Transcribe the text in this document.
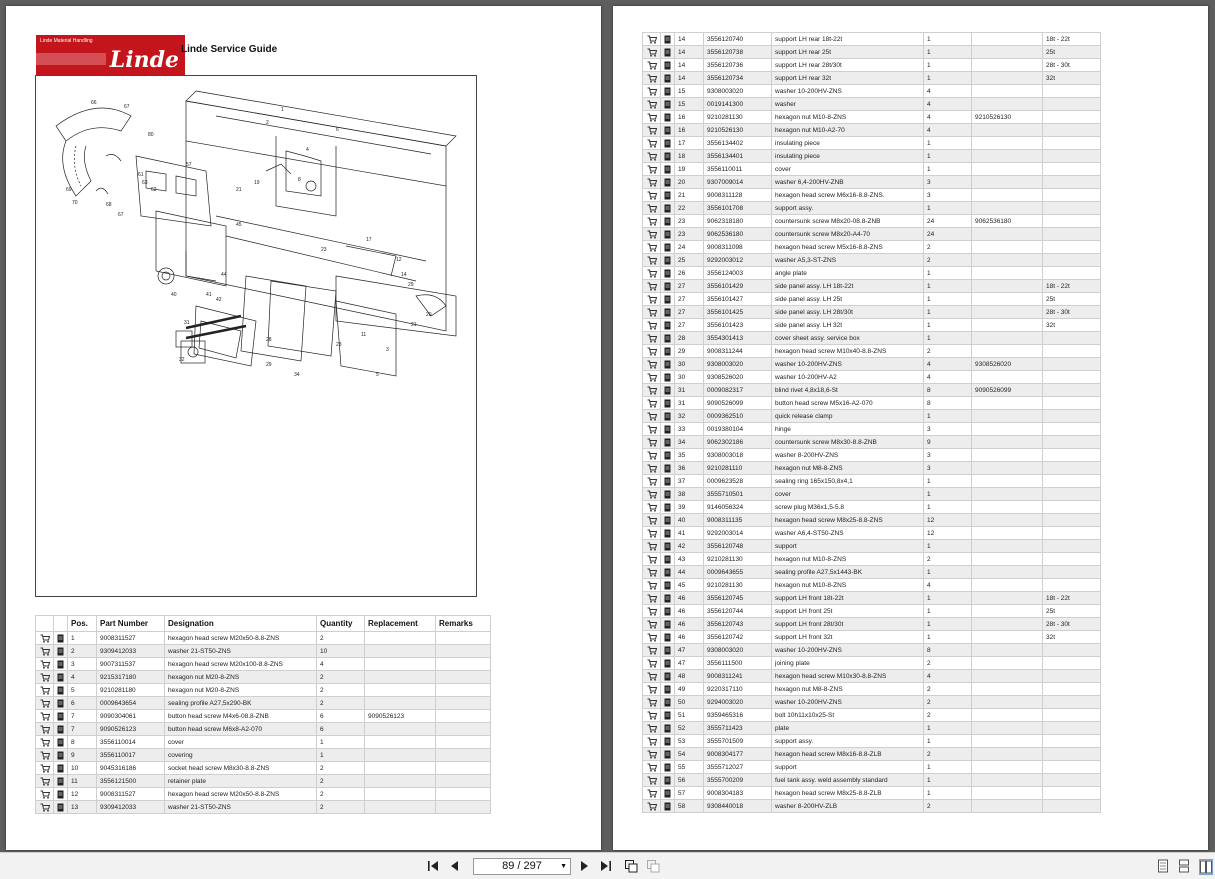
Linde Material Handling
Linde Linde Service Guide
66
67
80
69
70	68
67
1
2
6
4
8
19
21
23
12
14
29
20
21
3
23
28
40
31
32
29
34
41
42
44
45
57
61
63
62
11
5
17
		Pos.	Part Number	Designation	Quantity	Replacement	Remarks
		1	9008311527	hexagon head screw M20x50-8.8-ZNS	2		
		2	9309412033	washer 21-ST50-ZNS	10		
		3	9007311537	hexagon head screw M20x100-8.8-ZNS	4		
		4	9215317180	hexagon nut M20-8-ZNS	2		
		5	9210281180	hexagon nut M20-8-ZNS	2		
		6	0009643654	sealing profile A27,5x290-BK	2		
		7	9090304061	button head screw M4x6-08.8-ZNB	6	9090526123	
		7	9090526123	button head screw M6x8-A2-070	6		
		8	3556110014	cover	1		
		9	3556110017	covering	1		
		10	9045316186	socket head screw M8x30-8.8-ZNS	2		
		11	3556121500	retainer plate	2		
		12	9008311527	hexagon head screw M20x50-8.8-ZNS	2		
		13	9309412033	washer 21-ST50-ZNS	2		
		14	3556120740	support LH rear 18t-22t	1		18t - 22t
		14	3556120738	support LH rear 25t	1		25t
		14	3556120736	support LH rear 28t/30t	1		28t - 30t
		14	3556120734	support LH rear 32t	1		32t
		15	9308003020	washer 10-200HV-ZNS	4		
		15	0019141300	washer	4		
		16	9210281130	hexagon nut M10-8-ZNS	4	9210526130	
		16	9210526130	hexagon nut M10-A2-70	4		
		17	3556134402	insulating piece	1		
		18	3556134401	insulating piece	1		
		19	3556110011	cover	1		
		20	9307009014	washer 6,4-200HV-ZNB	3		
		21	9008311128	hexagon head screw M6x16-8.8-ZNS.	3		
		22	3556101708	support assy.	1		
		23	9062318180	countersunk screw M8x20-08.8-ZNB	24	9062536180	
		23	9062536180	countersunk screw M8x20-A4-70	24		
		24	9008311098	hexagon head screw M5x16-8.8-ZNS	2		
		25	9292003012	washer A5,3-ST-ZNS	2		
		26	3556124003	angle plate	1		
		27	3556101429	side panel assy. LH 18t-22t	1		18t - 22t
		27	3556101427	side panel assy. LH 25t	1		25t
		27	3556101425	side panel assy. LH 28t/30t	1		28t - 30t
		27	3556101423	side panel assy. LH 32t	1		32t
		28	3554301413	cover sheet assy. service box	1		
		29	9008311244	hexagon head screw M10x40-8.8-ZNS	2		
		30	9308003020	washer 10-200HV-ZNS	4	9308526020	
		30	9308526020	washer 10-200HV-A2	4		
		31	0009082317	blind rivet 4,8x18,6-St	8	9090526099	
		31	9090526099	button head screw M5x16-A2-070	8		
		32	0009362510	quick release clamp	1		
		33	0019380104	hinge	3		
		34	9062302186	countersunk screw M8x30-8.8-ZNB	9		
		35	9308003018	washer 8-200HV-ZNS	3		
		36	9210281110	hexagon nut M8-8-ZNS	3		
		37	0009623528	sealing ring 165x150,8x4,1	1		
		38	3555710501	cover	1		
		39	9146056324	screw plug M36x1,5-5.8	1		
		40	9008311135	hexagon head screw M8x25-8.8-ZNS	12		
		41	9292003014	washer A6,4-ST50-ZNS	12		
		42	3556120748	support	1		
		43	9210281130	hexagon nut M10-8-ZNS	2		
		44	0009643655	sealing profile A27,5x1443-BK	1		
		45	9210281130	hexagon nut M10-8-ZNS	4		
		46	3556120745	support LH front 18t-22t	1		18t - 22t
		46	3556120744	support LH front 25t	1		25t
		46	3556120743	support LH front 28t/30t	1		28t - 30t
		46	3556120742	support LH front 32t	1		32t
		47	9308003020	washer 10-200HV-ZNS	8		
		47	3556111500	joining plate	2		
		48	9008311241	hexagon head screw M10x30-8.8-ZNS	4		
		49	9220317110	hexagon nut M8-8-ZNS	2		
		50	9294003020	washer 10-200HV-ZNS	2		
		51	9359465316	bolt 10h11x10x25-St	2		
		52	3555711423	plate	1		
		53	3555701509	support assy.	1		
		54	9008304177	hexagon head screw M8x16-8.8-ZLB	2		
		55	3555712027	support	1		
		56	3555700209	fuel tank assy. weld assembly standard	1		
		57	9008304183	hexagon head screw M8x25-8.8-ZLB	1		
		58	9308440018	washer 8-200HV-ZLB	2		
89 / 297	▼
